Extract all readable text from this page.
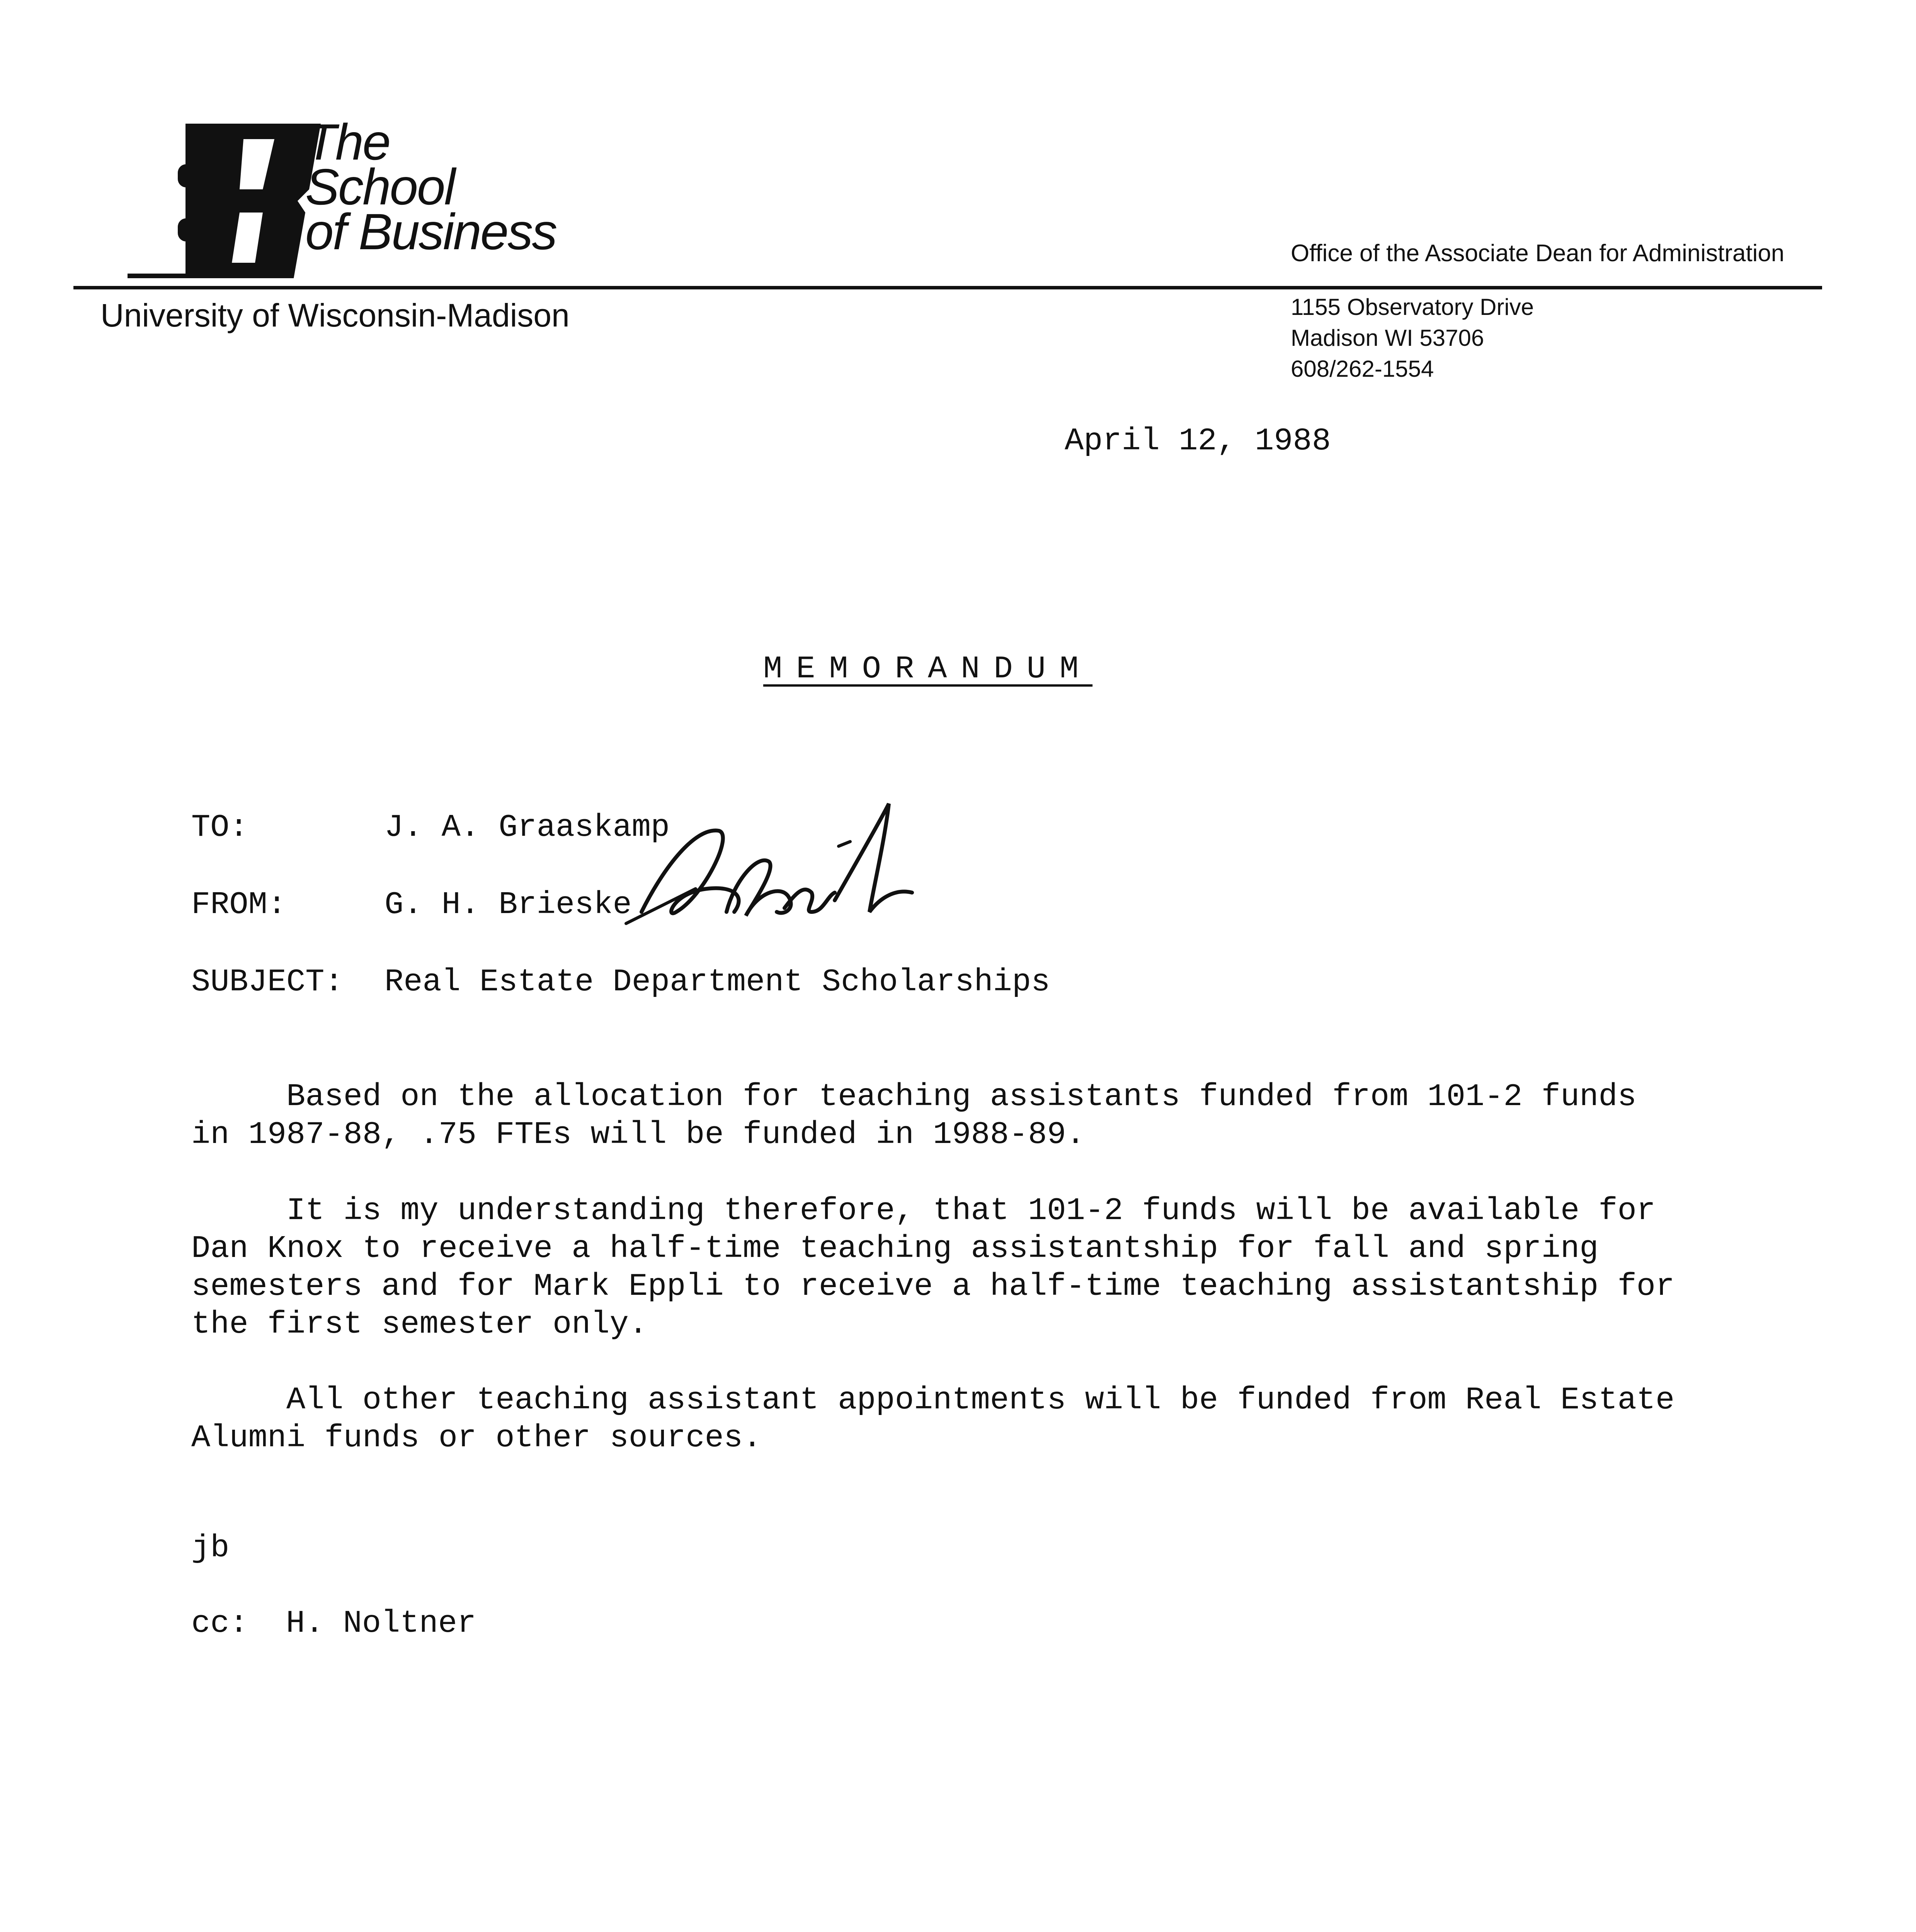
The
School
of Business	Office of the Associate Dean for Administration
University of Wisconsin-Madison	1155 Observatory Drive
Madison WI 53706
608/262-1554
April 12, 1988
MEMORANDUM
TO:	J. A. Graaskamp
FROM:	G. H. Brieske
SUBJECT: Real Estate Department Scholarships
Based on the allocation for teaching assistants funded from 101-2 funds
in 1987-88, .75 FTEs will be funded in 1988-89.
It is my understanding therefore, that 101-2 funds will be available for
Dan Knox to receive a half-time teaching assistantship for fall and spring
semesters and for Mark Eppli to receive a half-time teaching assistantship for
the first semester only.
All other teaching assistant appointments will be funded from Real Estate
Alumni funds or other sources.
jb
cc: H. Noltner
